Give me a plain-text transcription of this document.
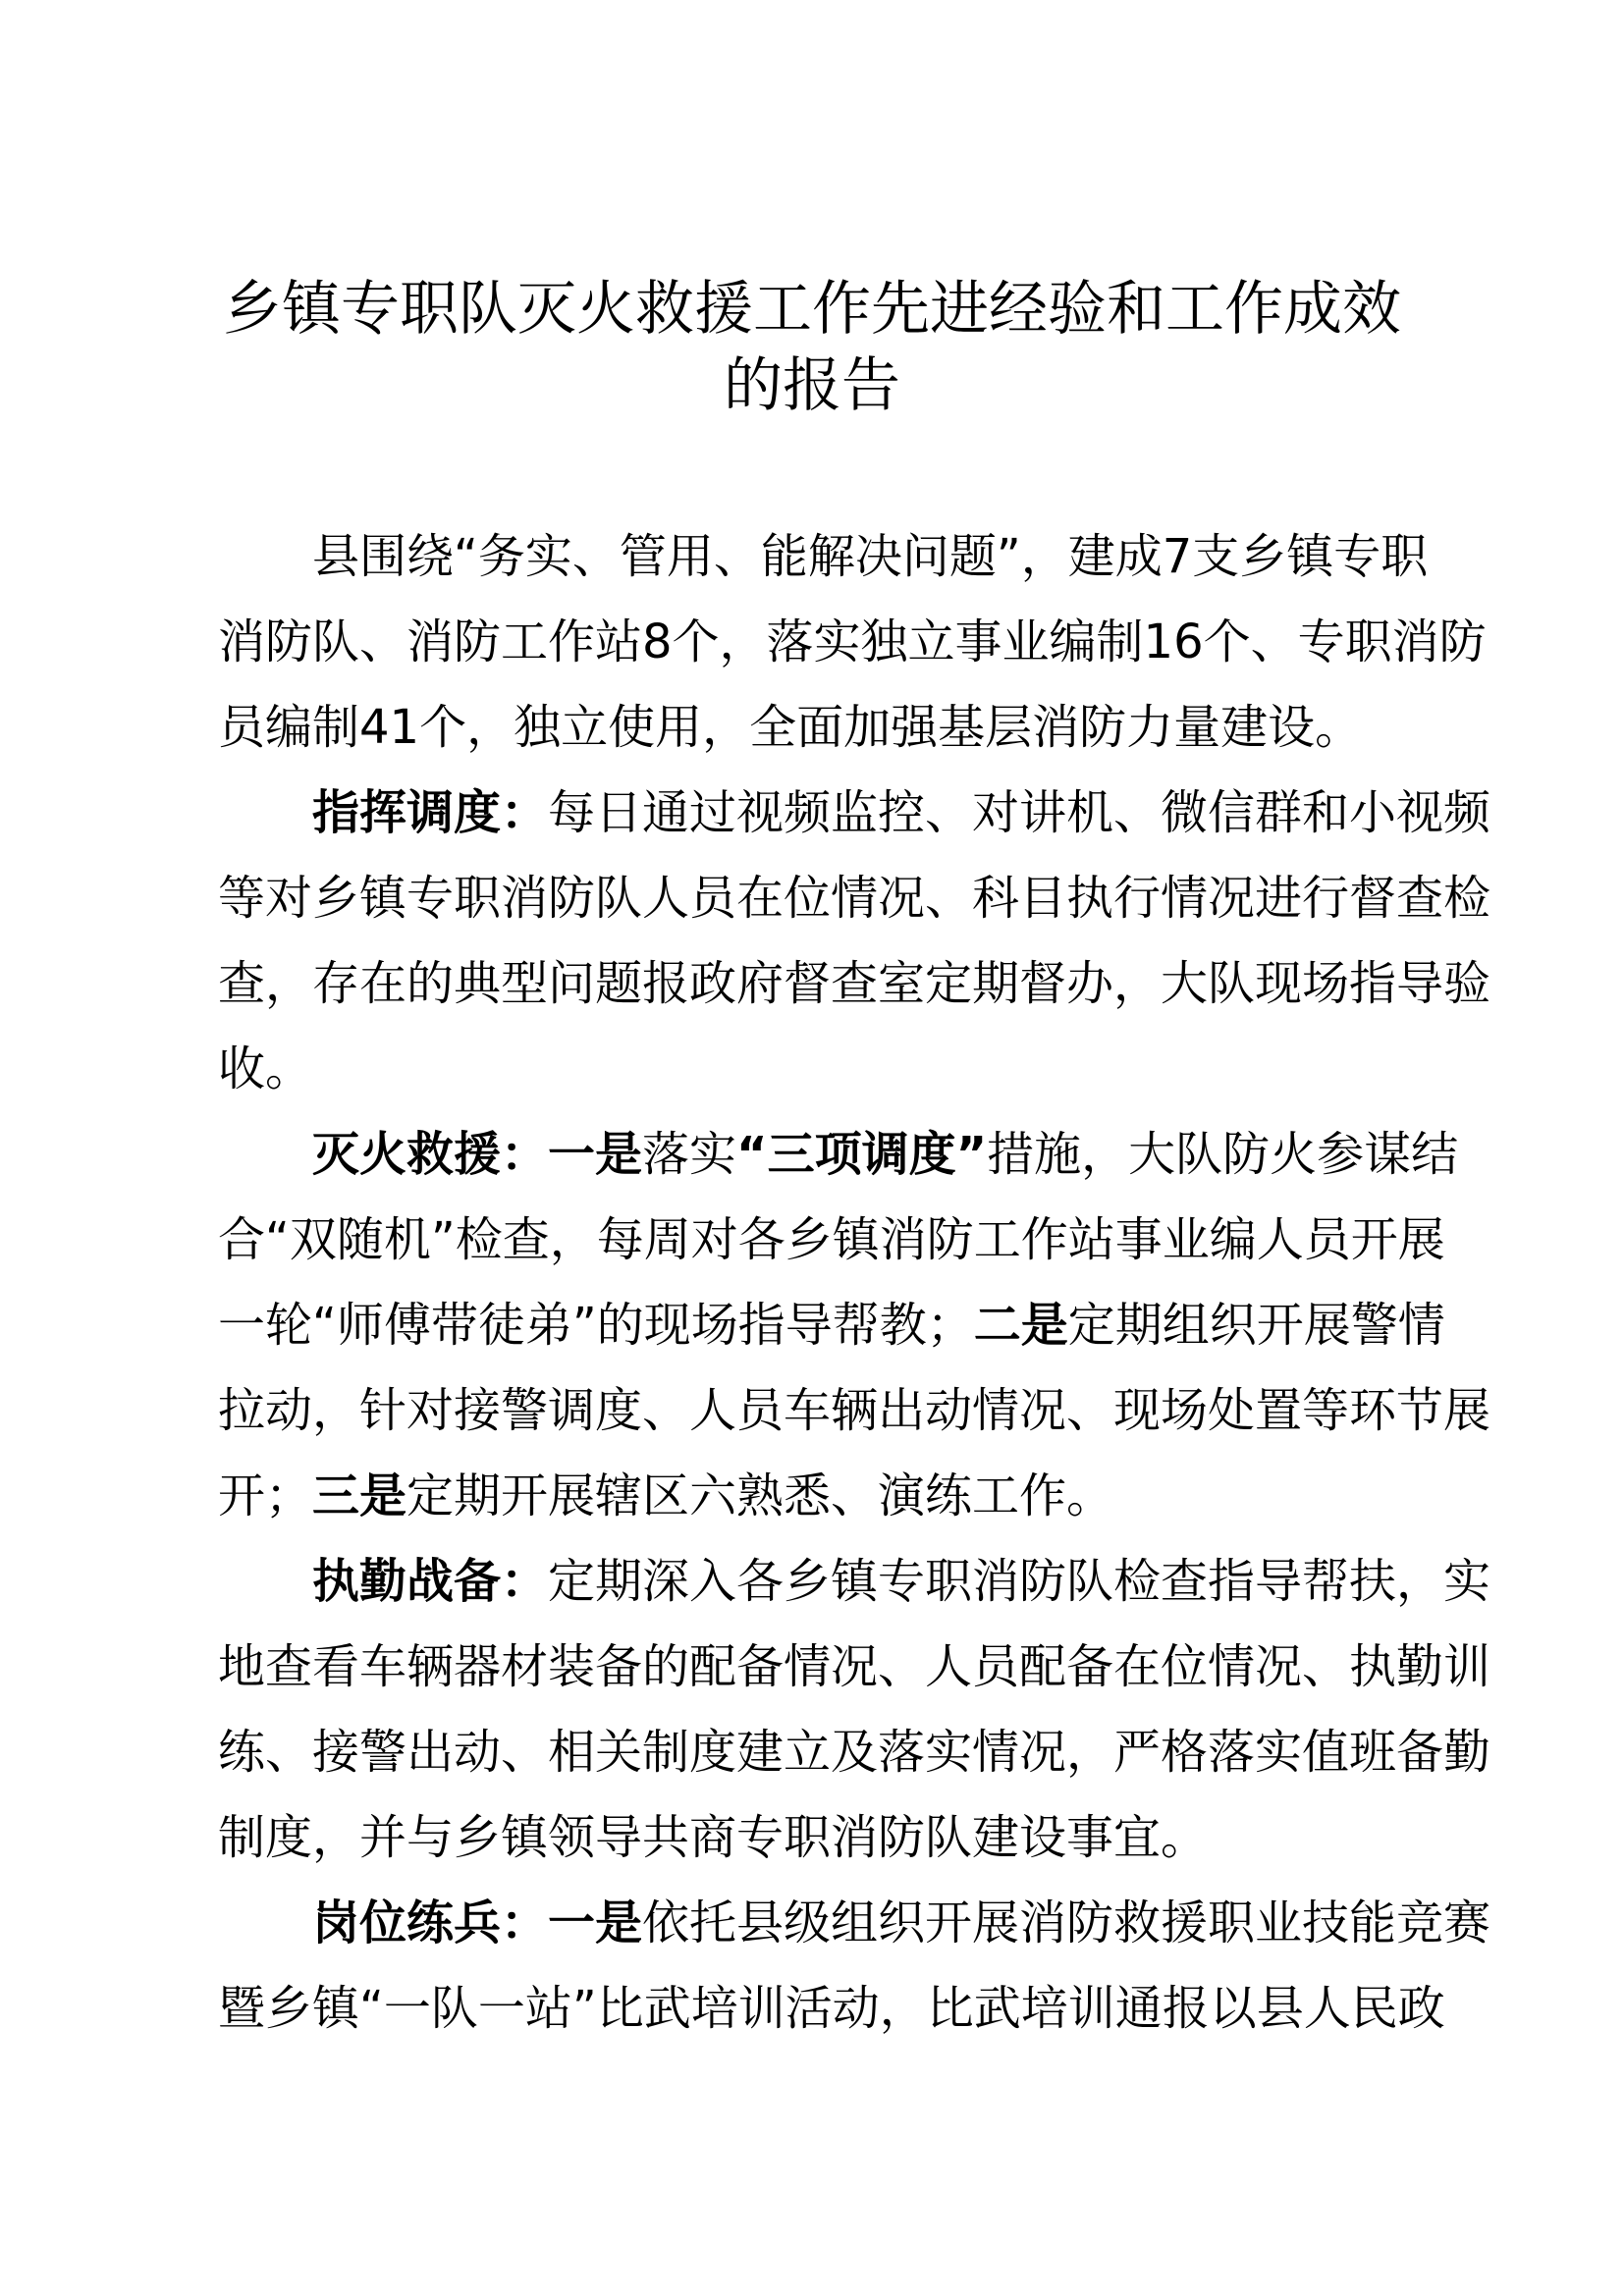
乡镇专职队灭火救援工作先进经验和工作成效
的报告
县围绕“务实、管用、能解决问题”，建成7支乡镇专职
消防队、消防工作站8个，落实独立事业编制16个、专职消防
员编制41个，独立使用，全面加强基层消防力量建设。
指挥调度：每日通过视频监控、对讲机、微信群和小视频
等对乡镇专职消防队人员在位情况、科目执行情况进行督查检
查，存在的典型问题报政府督查室定期督办，大队现场指导验
收。
灭火救援：一是落实“三项调度”措施，大队防火参谋结
合“双随机”检查，每周对各乡镇消防工作站事业编人员开展
一轮“师傅带徒弟”的现场指导帮教；二是定期组织开展警情
拉动，针对接警调度、人员车辆出动情况、现场处置等环节展
开；三是定期开展辖区六熟悉、演练工作。
执勤战备：定期深入各乡镇专职消防队检查指导帮扶，实
地查看车辆器材装备的配备情况、人员配备在位情况、执勤训
练、接警出动、相关制度建立及落实情况，严格落实值班备勤
制度，并与乡镇领导共商专职消防队建设事宜。
岗位练兵：一是依托县级组织开展消防救援职业技能竞赛
暨乡镇“一队一站”比武培训活动，比武培训通报以县人民政
